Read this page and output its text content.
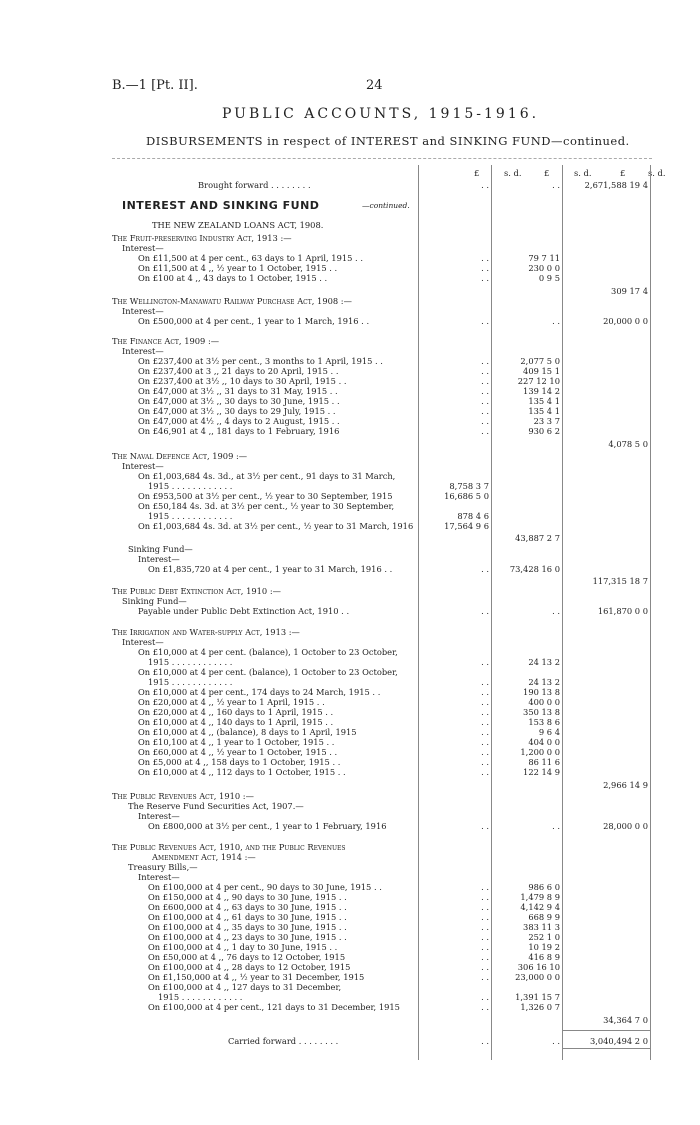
B.—1 [Pt. II].	24
PUBLIC ACCOUNTS, 1915-1916.
DISBURSEMENTS in respect of INTEREST and SINKING FUND—continued.
£	s. d.	£	s. d.	£	s. d.
Brought forward . . . . . . . .	. .	. .	2,671,588 19 4
INTEREST AND SINKING FUND	—continued.
THE NEW ZEALAND LOANS ACT, 1908.
The Fruit-preserving Industry Act, 1913 :—
Interest—
On £11,500 at 4 per cent., 63 days to 1 April, 1915 . .	. .	79 7 11
On £11,500 at 4 ,, ½ year to 1 October, 1915 . .	. .	230 0 0
On £100 at 4 ,, 43 days to 1 October, 1915 . .	. .	0 9 5
309 17 4
The Wellington-Manawatu Railway Purchase Act, 1908 :—
Interest—
On £500,000 at 4 per cent., 1 year to 1 March, 1916 . .	. .	. .	20,000 0 0
The Finance Act, 1909 :—
Interest—
On £237,400 at 3½ per cent., 3 months to 1 April, 1915 . .	. .	2,077 5 0
On £237,400 at 3 ,, 21 days to 20 April, 1915 . .	. .	409 15 1
On £237,400 at 3½ ,, 10 days to 30 April, 1915 . .	. .	227 12 10
On £47,000 at 3½ ,, 31 days to 31 May, 1915 . .	. .	139 14 2
On £47,000 at 3½ ,, 30 days to 30 June, 1915 . .	. .	135 4 1
On £47,000 at 3½ ,, 30 days to 29 July, 1915 . .	. .	135 4 1
On £47,000 at 4½ ,, 4 days to 2 August, 1915 . .	. .	23 3 7
On £46,901 at 4 ,, 181 days to 1 February, 1916	. .	930 6 2
4,078 5 0
The Naval Defence Act, 1909 :—
Interest—
On £1,003,684 4s. 3d., at 3½ per cent., 91 days to 31 March,
1915 . . . . . . . . . . . .	8,758 3 7
On £953,500 at 3½ per cent., ½ year to 30 September, 1915	16,686 5 0
On £50,184 4s. 3d. at 3½ per cent., ½ year to 30 September,
1915 . . . . . . . . . . . .	878 4 6
On £1,003,684 4s. 3d. at 3½ per cent., ½ year to 31 March, 1916	17,564 9 6
43,887 2 7
Sinking Fund—
Interest—
On £1,835,720 at 4 per cent., 1 year to 31 March, 1916 . .	. .	73,428 16 0
117,315 18 7
The Public Debt Extinction Act, 1910 :—
Sinking Fund—
Payable under Public Debt Extinction Act, 1910 . .	. .	. .	161,870 0 0
The Irrigation and Water-supply Act, 1913 :—
Interest—
On £10,000 at 4 per cent. (balance), 1 October to 23 October,
1915 . . . . . . . . . . . .	. .	24 13 2
On £10,000 at 4 per cent. (balance), 1 October to 23 October,
1915 . . . . . . . . . . . .	. .	24 13 2
On £10,000 at 4 per cent., 174 days to 24 March, 1915 . .	. .	190 13 8
On £20,000 at 4 ,, ½ year to 1 April, 1915 . .	. .	400 0 0
On £20,000 at 4 ,, 160 days to 1 April, 1915 . .	. .	350 13 8
On £10,000 at 4 ,, 140 days to 1 April, 1915 . .	. .	153 8 6
On £10,000 at 4 ,, (balance), 8 days to 1 April, 1915	. .	9 6 4
On £10,100 at 4 ,, 1 year to 1 October, 1915 . .	. .	404 0 0
On £60,000 at 4 ,, ½ year to 1 October, 1915 . .	. .	1,200 0 0
On £5,000 at 4 ,, 158 days to 1 October, 1915 . .	. .	86 11 6
On £10,000 at 4 ,, 112 days to 1 October, 1915 . .	. .	122 14 9
2,966 14 9
The Public Revenues Act, 1910 :—
The Reserve Fund Securities Act, 1907.—
Interest—
On £800,000 at 3½ per cent., 1 year to 1 February, 1916	. .	. .	28,000 0 0
The Public Revenues Act, 1910, and the Public Revenues
Amendment Act, 1914 :—
Treasury Bills,—
Interest—
On £100,000 at 4 per cent., 90 days to 30 June, 1915 . .	. .	986 6 0
On £150,000 at 4 ,, 90 days to 30 June, 1915 . .	. .	1,479 8 9
On £600,000 at 4 ,, 63 days to 30 June, 1915 . .	. .	4,142 9 4
On £100,000 at 4 ,, 61 days to 30 June, 1915 . .	. .	668 9 9
On £100,000 at 4 ,, 35 days to 30 June, 1915 . .	. .	383 11 3
On £100,000 at 4 ,, 23 days to 30 June, 1915 . .	. .	252 1 0
On £100,000 at 4 ,, 1 day to 30 June, 1915 . .	. .	10 19 2
On £50,000 at 4 ,, 76 days to 12 October, 1915	. .	416 8 9
On £100,000 at 4 ,, 28 days to 12 October, 1915	. .	306 16 10
On £1,150,000 at 4 ,, ½ year to 31 December, 1915	. .	23,000 0 0
On £100,000 at 4 ,, 127 days to 31 December,
1915 . . . . . . . . . . . .	. .	1,391 15 7
On £100,000 at 4 per cent., 121 days to 31 December, 1915	. .	1,326 0 7
34,364 7 0
Carried forward . . . . . . . .	. .	. .	3,040,494 2 0
